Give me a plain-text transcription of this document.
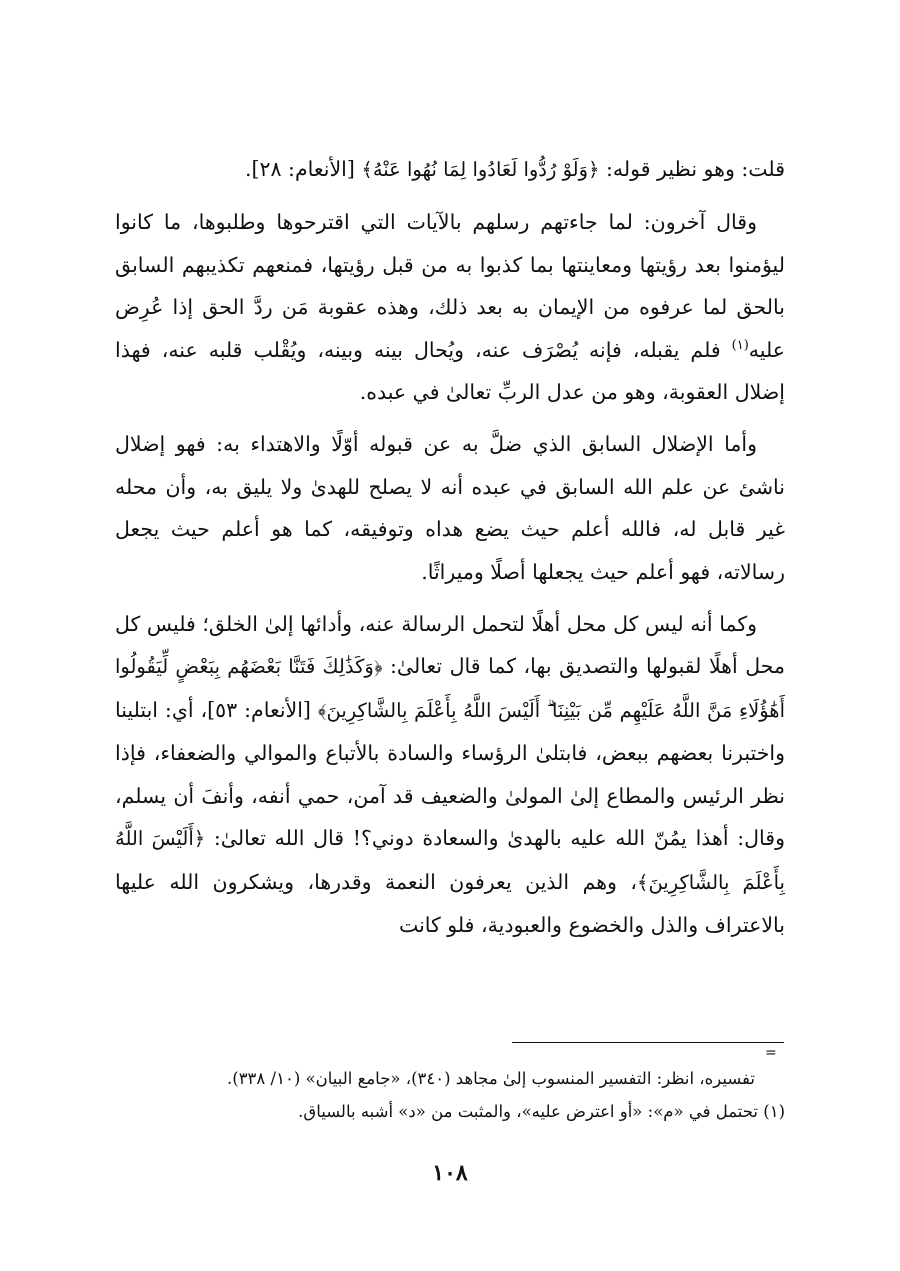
قلت: وهو نظير قوله: ﴿وَلَوْ رُدُّوا لَعَادُوا لِمَا نُهُوا عَنْهُ﴾ [الأنعام: ٢٨].

وقال آخرون: لما جاءتهم رسلهم بالآيات التي اقترحوها وطلبوها، ما كانوا ليؤمنوا بعد رؤيتها ومعاينتها بما كذبوا به من قبل رؤيتها، فمنعهم تكذيبهم السابق بالحق لما عرفوه من الإيمان به بعد ذلك، وهذه عقوبة مَن ردَّ الحق إذا عُرِض عليه$^{(١)}$ فلم يقبله، فإنه يُصْرَف عنه، ويُحال بينه وبينه، ويُقْلب قلبه عنه، فهذا إضلال العقوبة، وهو من عدل الربِّ تعالىٰ في عبده.

وأما الإضلال السابق الذي ضلَّ به عن قبوله أوّلًا والاهتداء به: فهو إضلال ناشئ عن علم الله السابق في عبده أنه لا يصلح للهدىٰ ولا يليق به، وأن محله غير قابل له، فالله أعلم حيث يضع هداه وتوفيقه، كما هو أعلم حيث يجعل رسالاته، فهو أعلم حيث يجعلها أصلًا وميراثًا.

وكما أنه ليس كل محل أهلًا لتحمل الرسالة عنه، وأدائها إلىٰ الخلق؛ فليس كل محل أهلًا لقبولها والتصديق بها، كما قال تعالىٰ: ﴿وَكَذَٰلِكَ فَتَنَّا بَعْضَهُم بِبَعْضٍ لِّيَقُولُوا أَهَٰؤُلَاءِ مَنَّ اللَّهُ عَلَيْهِم مِّن بَيْنِنَا ۗ أَلَيْسَ اللَّهُ بِأَعْلَمَ بِالشَّاكِرِينَ﴾ [الأنعام: ٥٣]، أي: ابتلينا واختبرنا بعضهم ببعض، فابتلىٰ الرؤساء والسادة بالأتباع والموالي والضعفاء، فإذا نظر الرئيس والمطاع إلىٰ المولىٰ والضعيف قد آمن، حمي أنفه، وأنفَ أن يسلم، وقال: أهذا يمُنّ الله عليه بالهدىٰ والسعادة دوني؟! قال الله تعالىٰ: ﴿أَلَيْسَ اللَّهُ بِأَعْلَمَ بِالشَّاكِرِينَ﴾، وهم الذين يعرفون النعمة وقدرها، ويشكرون الله عليها بالاعتراف والذل والخضوع والعبودية، فلو كانت

=

تفسيره، انظر: التفسير المنسوب إلىٰ مجاهد (٣٤٠)، «جامع البيان» (١٠/ ٣٣٨).

(١) تحتمل في «م»: «أو اعترض عليه»، والمثبت من «د» أشبه بالسياق.

١٠٨
